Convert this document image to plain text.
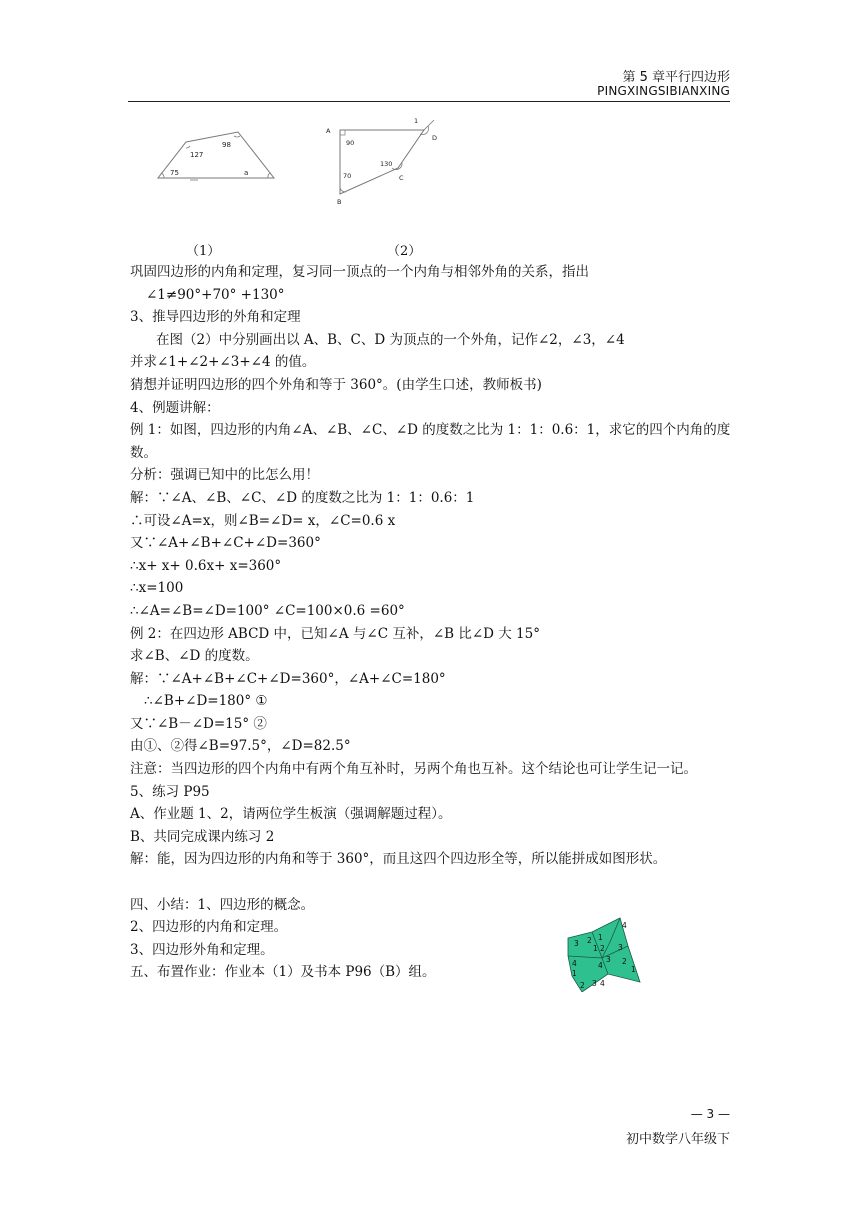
第 5 章平行四边形
PINGXINGSIBIANXING
127
98
75	a
A
1
D
90
130
C
70
B
（1）	（2）
巩固四边形的内角和定理，复习同一顶点的一个内角与相邻外角的关系，指出
∠1≠90°+70° +130°
3、推导四边形的外角和定理
在图（2）中分别画出以 A、B、C、D 为顶点的一个外角，记作∠2，∠3，∠4
并求∠1+∠2+∠3+∠4 的值。
猜想并证明四边形的四个外角和等于 360°。(由学生口述，教师板书)
4、例题讲解：
例 1：如图，四边形的内角∠A、∠B、∠C、∠D 的度数之比为 1：1：0.6：1，求它的四个内角的度数。
分析：强调已知中的比怎么用！
解：∵∠A、∠B、∠C、∠D 的度数之比为 1：1：0.6：1
∴可设∠A=x，则∠B=∠D= x，∠C=0.6 x
又∵∠A+∠B+∠C+∠D=360°
∴x+ x+ 0.6x+ x=360°
∴x=100
∴∠A=∠B=∠D=100° ∠C=100×0.6 =60°
例 2：在四边形 ABCD 中，已知∠A 与∠C 互补，∠B 比∠D 大 15°
求∠B、∠D 的度数。
解：∵∠A+∠B+∠C+∠D=360°，∠A+∠C=180°
∴∠B+∠D=180° ①
又∵∠B－∠D=15° ②
由①、②得∠B=97.5°，∠D=82.5°
注意：当四边形的四个内角中有两个角互补时，另两个角也互补。这个结论也可让学生记一记。
5、练习 P95
A、作业题 1、2，请两位学生板演（强调解题过程）。
B、共同完成课内练习 2
解：能，因为四边形的内角和等于 360°，而且这四个四边形全等，所以能拼成如图形状。
四、小结：1、四边形的概念。
2、四边形的内角和定理。
3、四边形外角和定理。
五、布置作业：作业本（1）及书本 P96（B）组。
4
3 2 1
1 2 3
4	3
4
1
2
1
2 3 4
— 3 —
初中数学八年级下
